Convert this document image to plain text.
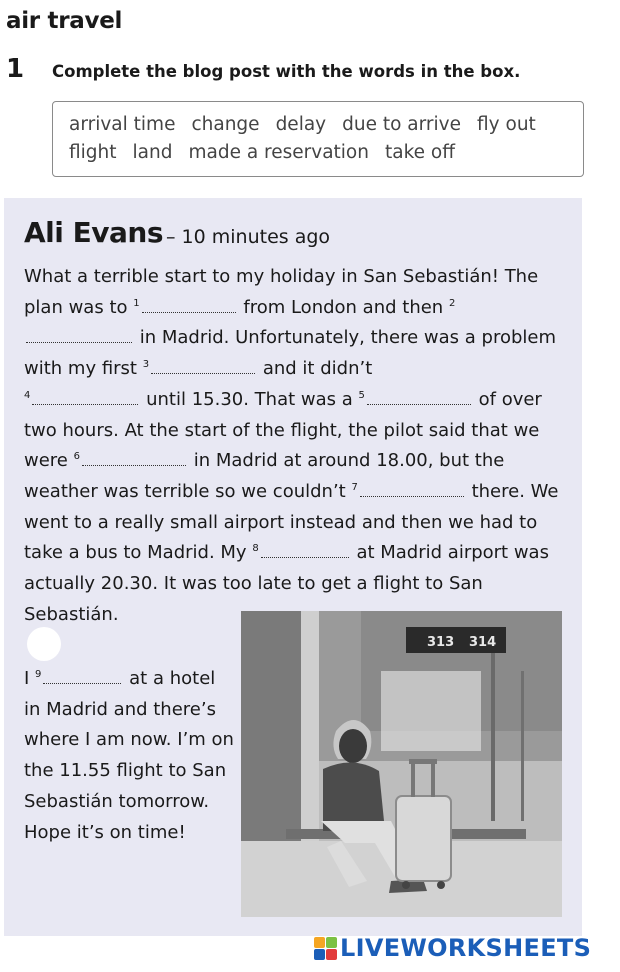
air travel
1 Complete the blog post with the words in the box.
arrival time change delay due to arrive fly out
flight land made a reservation take off
Ali Evans – 10 minutes ago
What a terrible start to my holiday in San Sebastián! The plan was to $^1$	from London and then $^2$ in Madrid. Unfortunately, there was a problem with my first $^3$	and it didn’t
$^4$	until 15.30. That was a $^5$	of over two hours. At the start of the flight, the pilot said that we were $^6$	in Madrid at around 18.00, but the weather was terrible so we couldn’t $^7$	there. We went to a really small airport instead and then we had to take a bus to Madrid. My $^8$	at Madrid airport was actually 20.30. It was too late to get a flight to San Sebastián.
I $^9$	at a hotel in Madrid and there’s where I am now. I’m on the 11.55 flight to San Sebastián tomorrow. Hope it’s on time!
313 314
LIVEWORKSHEETS
